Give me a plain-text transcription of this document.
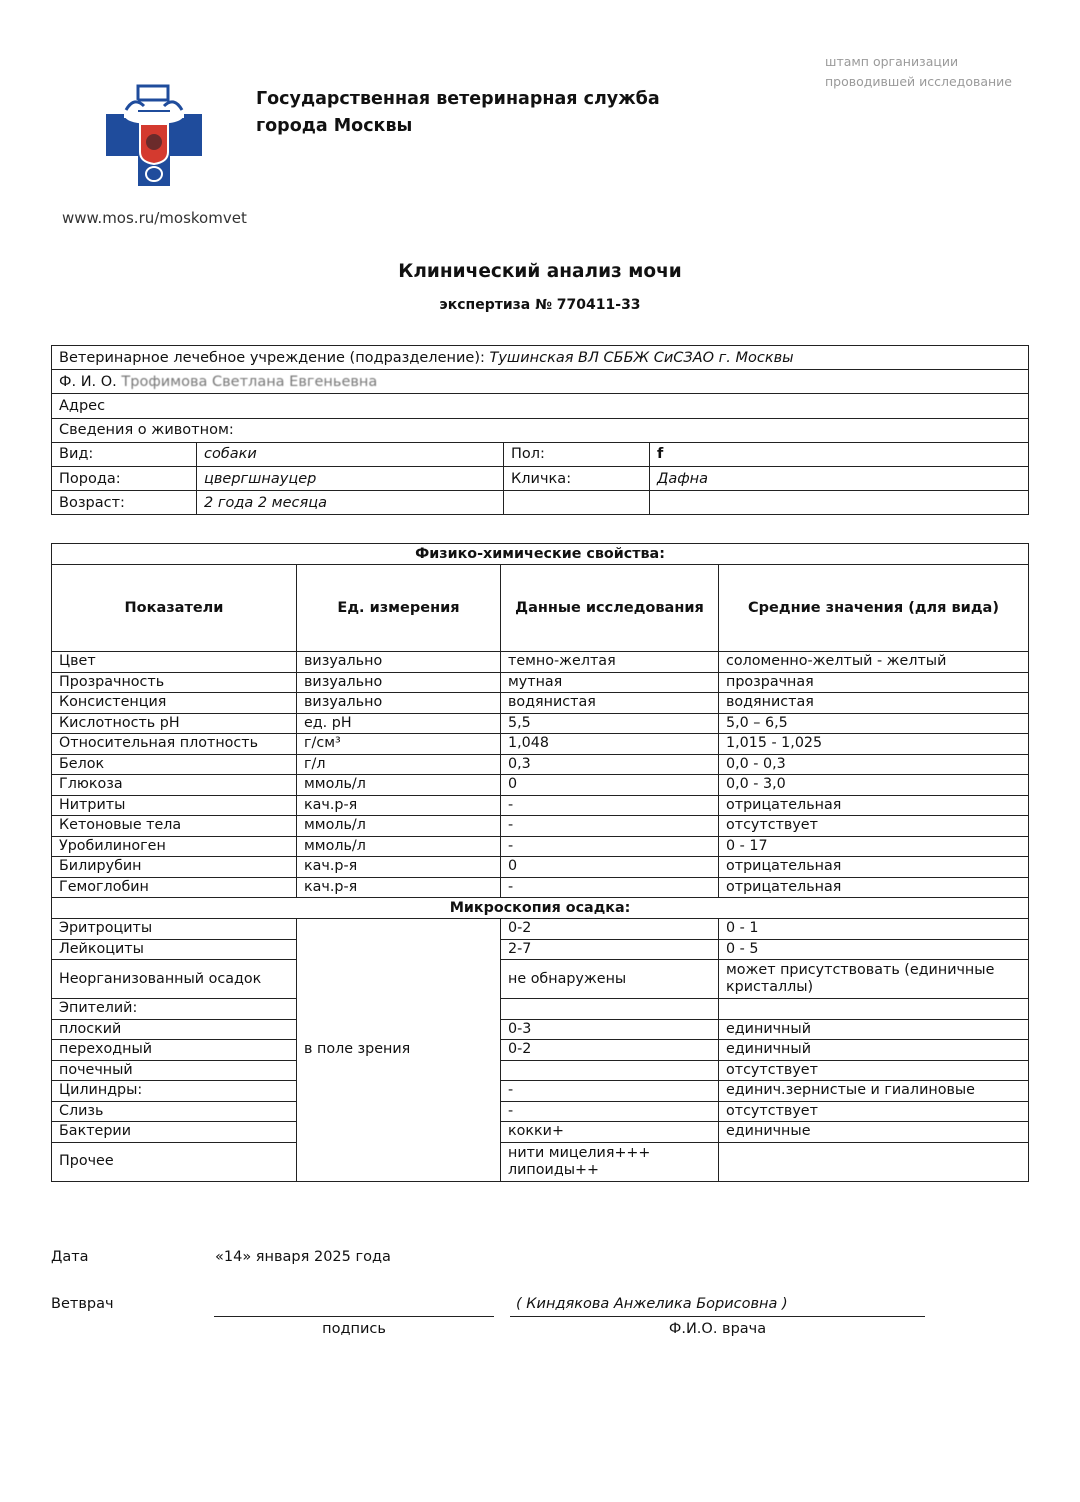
штамп организации
проводившей исследование
Государственная ветеринарная служба
города Москвы
www.mos.ru/moskomvet
Клинический анализ мочи
экспертиза № 770411-33
Ветеринарное лечебное учреждение (подразделение): Тушинская ВЛ СББЖ СиСЗАО г. Москвы			
Ф. И. О. Трофимова Светлана Евгеньевна			
Адрес			
Сведения о животном:			
Вид:	собаки	Пол:	f
Порода:	цвергшнауцер	Кличка:	Дафна
Возраст:	2 года 2 месяца		
Физико-химические свойства:			
Показатели	Ед. измерения	Данные исследования	Средние значения (для вида)
Цвет	визуально	темно-желтая	соломенно-желтый - желтый
Прозрачность	визуально	мутная	прозрачная
Консистенция	визуально	водянистая	водянистая
Кислотность pH	ед. pH	5,5	5,0 – 6,5
Относительная плотность	г/см³	1,048	1,015 - 1,025
Белок	г/л	0,3	0,0 - 0,3
Глюкоза	ммоль/л	0	0,0 - 3,0
Нитриты	кач.р-я	-	отрицательная
Кетоновые тела	ммоль/л	-	отсутствует
Уробилиноген	ммоль/л	-	0 - 17
Билирубин	кач.р-я	0	отрицательная
Гемоглобин	кач.р-я	-	отрицательная
Микроскопия осадка:			
Эритроциты	в поле зрения	0-2	0 - 1
Лейкоциты		2-7	0 - 5
Неорганизованный осадок		не обнаружены	может присутствовать (единичные кристаллы)
Эпителий:			
плоский		0-3	единичный
переходный		0-2	единичный
почечный			отсутствует
Цилиндры:		-	единич.зернистые и гиалиновые
Слизь		-	отсутствует
Бактерии		кокки+	единичные
Прочее		нити мицелия+++
липоиды++	

Дата	«14» января 2025 года
Ветврач	( Киндякова Анжелика Борисовна )
подпись	Ф.И.О. врача
